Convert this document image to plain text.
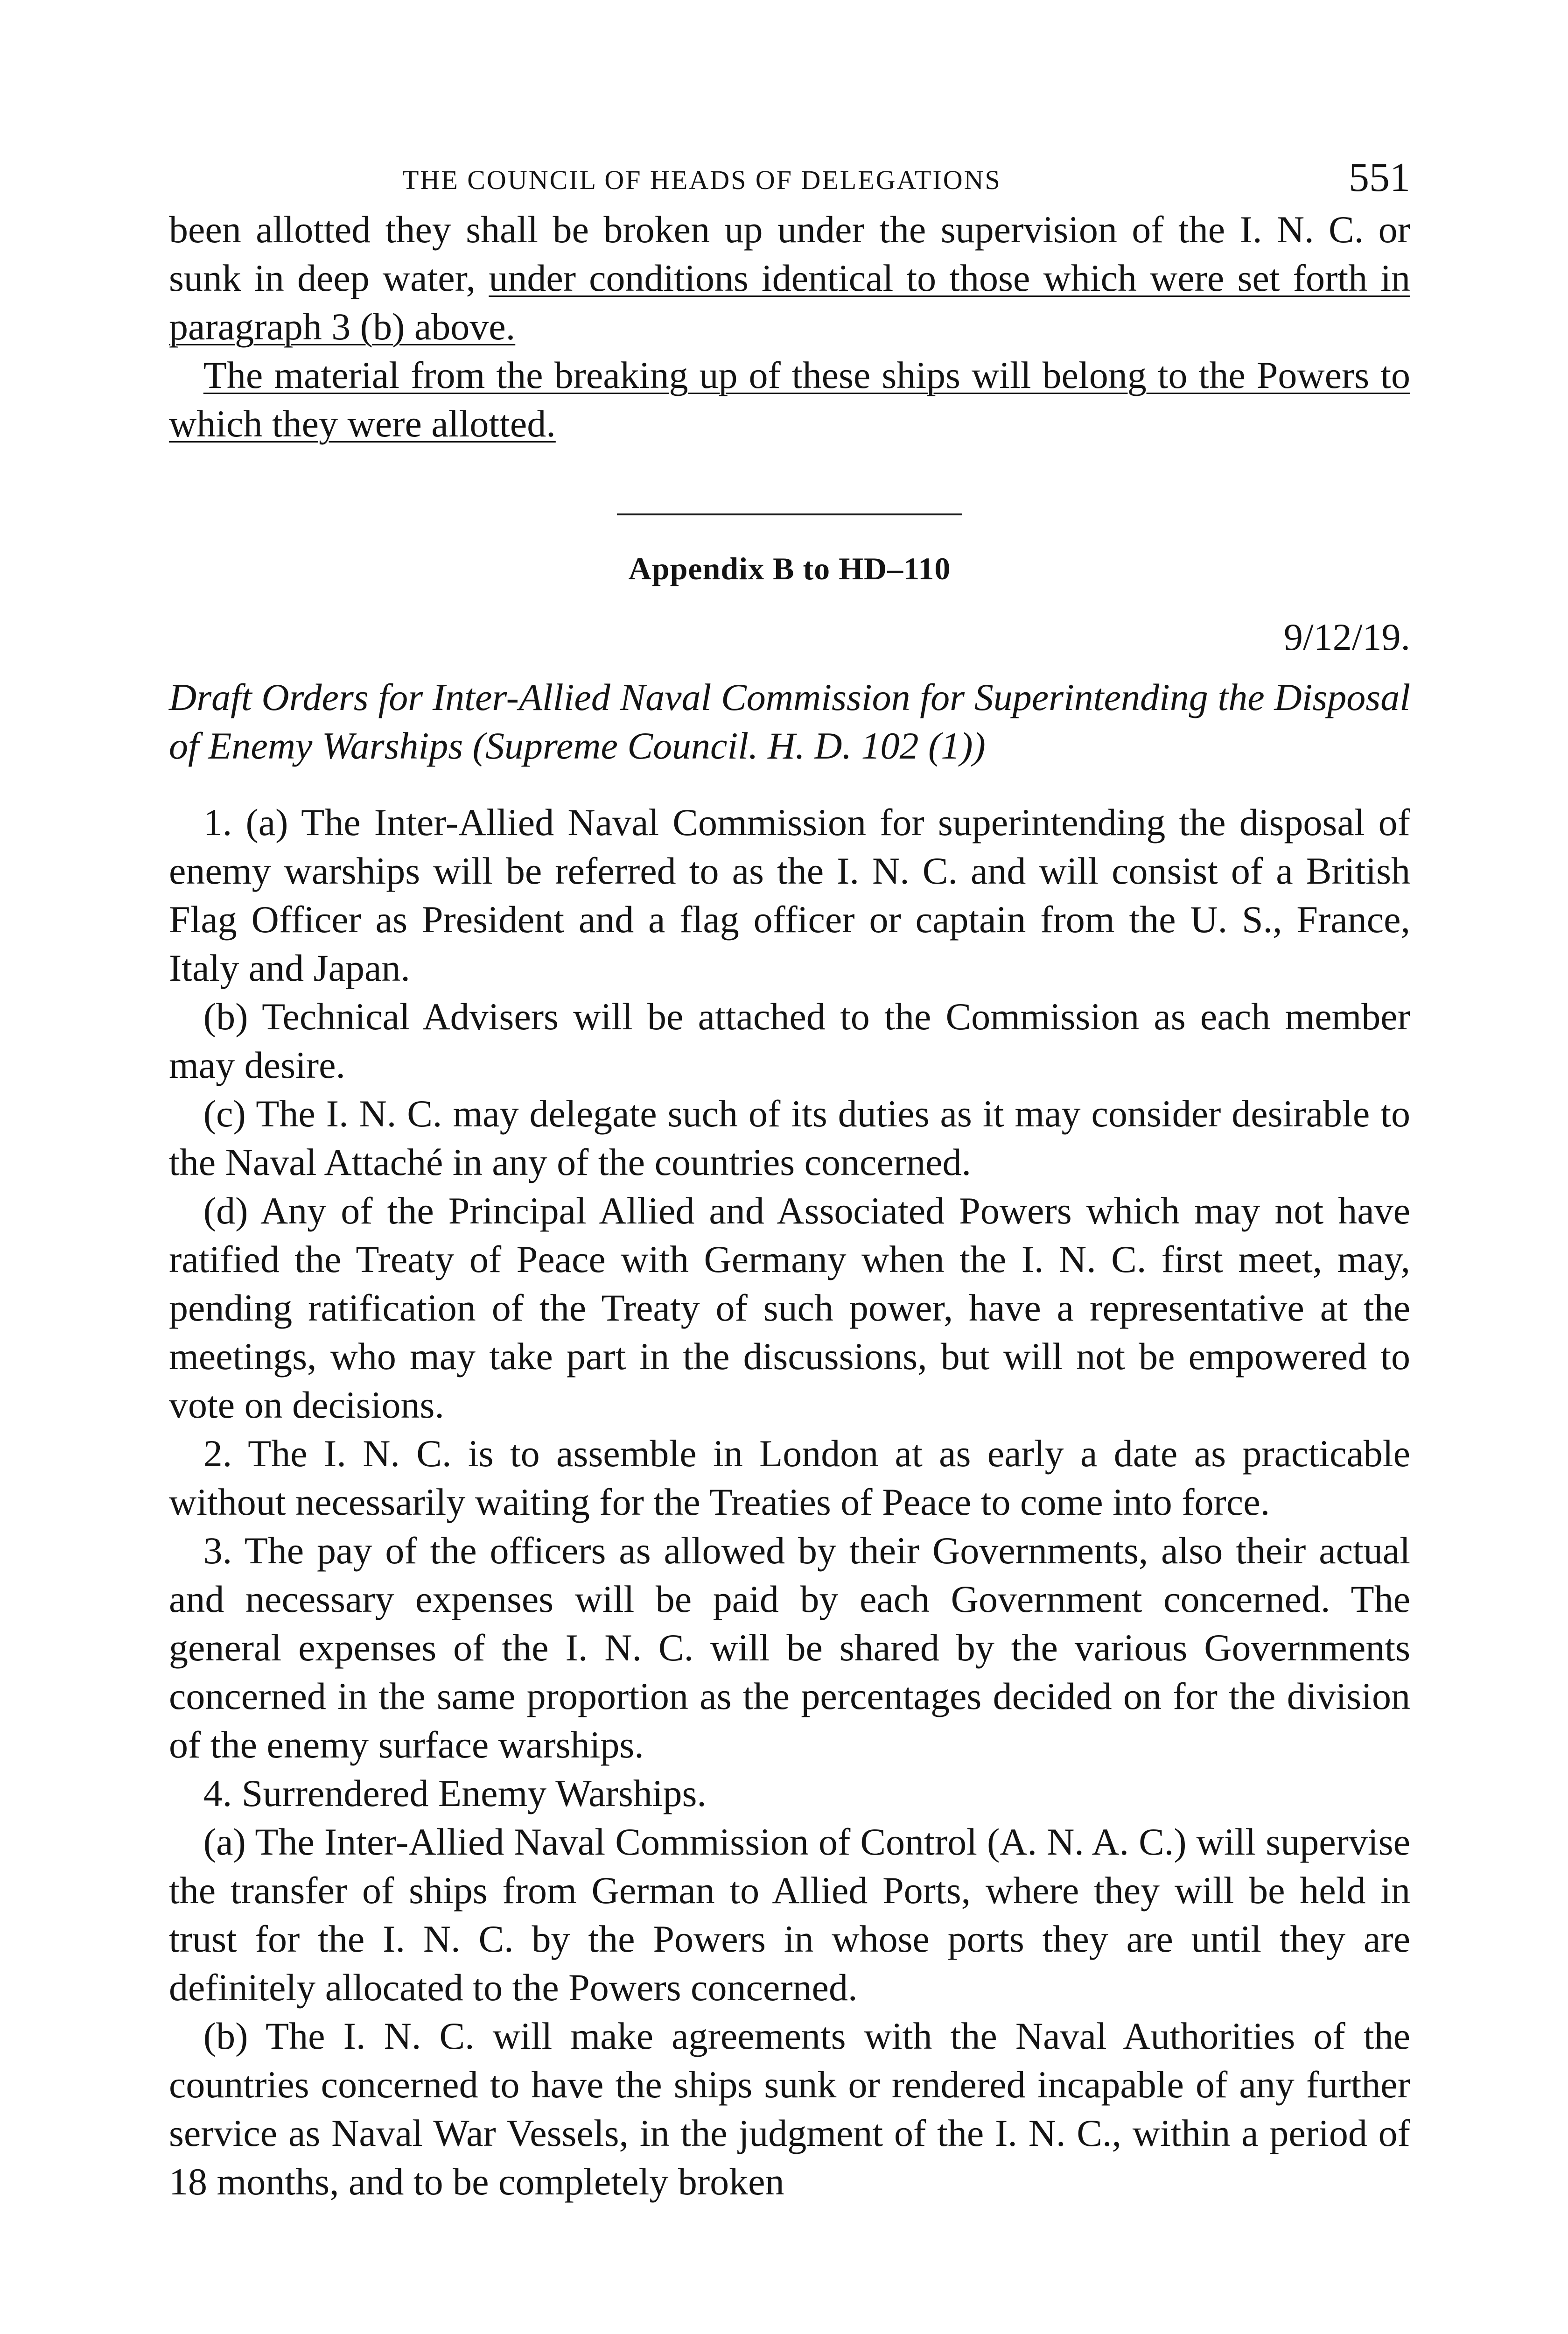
THE COUNCIL OF HEADS OF DELEGATIONS	551

been allotted they shall be broken up under the supervision of the I. N. C. or sunk in deep water, under conditions identical to those which were set forth in paragraph 3 (b) above.

The material from the breaking up of these ships will belong to the Powers to which they were allotted.

Appendix B to HD–110
9/12/19.
Draft Orders for Inter-Allied Naval Commission for Superintending the Disposal of Enemy Warships (Supreme Council. H. D. 102 (1))

1. (a) The Inter-Allied Naval Commission for superintending the disposal of enemy warships will be referred to as the I. N. C. and will consist of a British Flag Officer as President and a flag officer or captain from the U. S., France, Italy and Japan.

(b) Technical Advisers will be attached to the Commission as each member may desire.

(c) The I. N. C. may delegate such of its duties as it may consider desirable to the Naval Attaché in any of the countries concerned.

(d) Any of the Principal Allied and Associated Powers which may not have ratified the Treaty of Peace with Germany when the I. N. C. first meet, may, pending ratification of the Treaty of such power, have a representative at the meetings, who may take part in the discussions, but will not be empowered to vote on decisions.

2. The I. N. C. is to assemble in London at as early a date as practicable without necessarily waiting for the Treaties of Peace to come into force.

3. The pay of the officers as allowed by their Governments, also their actual and necessary expenses will be paid by each Government concerned. The general expenses of the I. N. C. will be shared by the various Governments concerned in the same proportion as the percentages decided on for the division of the enemy surface warships.

4. Surrendered Enemy Warships.

(a) The Inter-Allied Naval Commission of Control (A. N. A. C.) will supervise the transfer of ships from German to Allied Ports, where they will be held in trust for the I. N. C. by the Powers in whose ports they are until they are definitely allocated to the Powers concerned.

(b) The I. N. C. will make agreements with the Naval Authorities of the countries concerned to have the ships sunk or rendered incapable of any further service as Naval War Vessels, in the judgment of the I. N. C., within a period of 18 months, and to be completely broken
